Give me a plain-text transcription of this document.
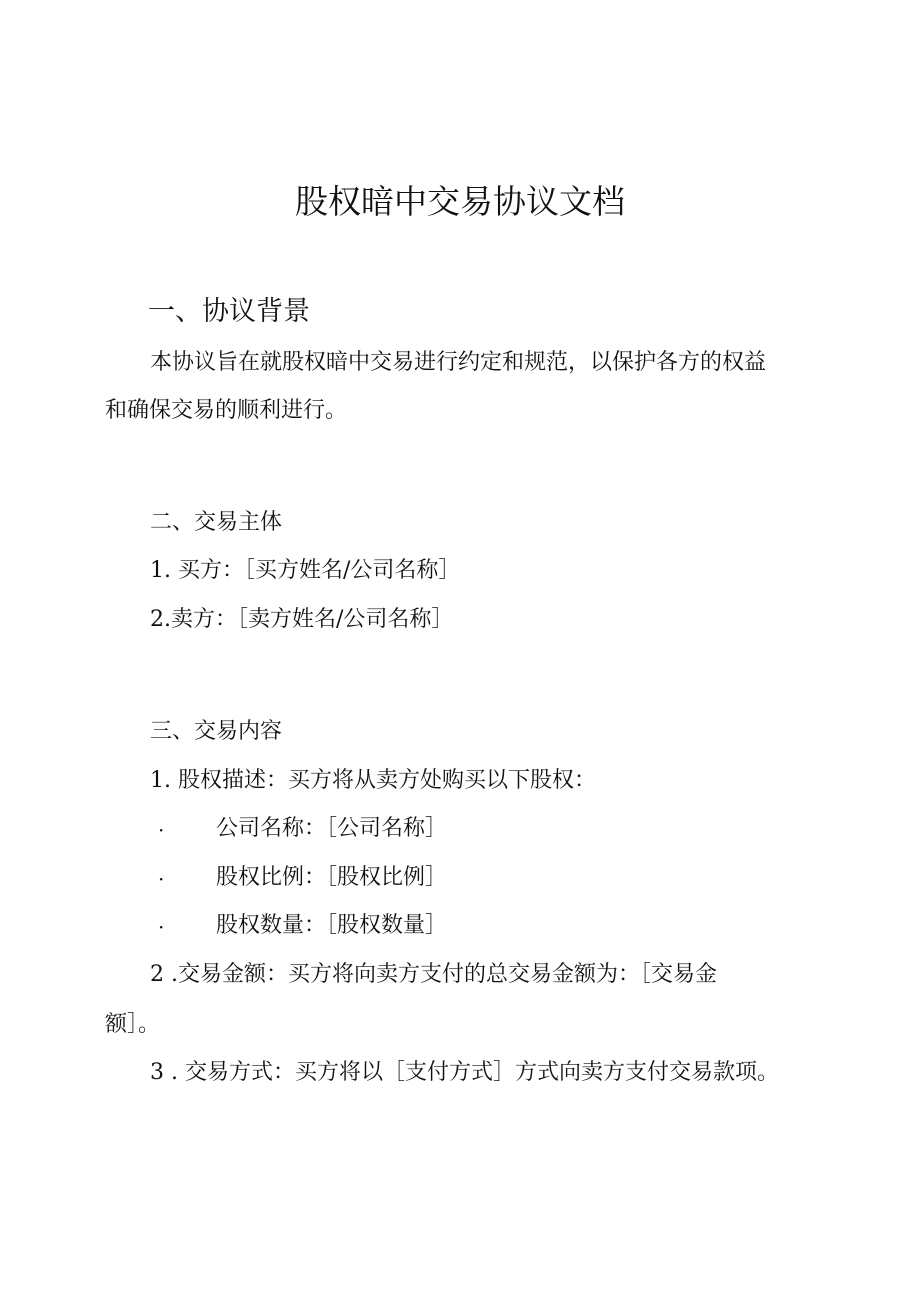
股权暗中交易协议文档
一、协议背景
本协议旨在就股权暗中交易进行约定和规范，以保护各方的权益
和确保交易的顺利进行。
二、交易主体
1. 买方：［买方姓名/公司名称］
2.卖方：［卖方姓名/公司名称］
三、交易内容
1. 股权描述：买方将从卖方处购买以下股权：
· 公司名称：［公司名称］
· 股权比例：［股权比例］
· 股权数量：［股权数量］
2 .交易金额：买方将向卖方支付的总交易金额为：［交易金
额］。
3 . 交易方式：买方将以［支付方式］方式向卖方支付交易款项。
